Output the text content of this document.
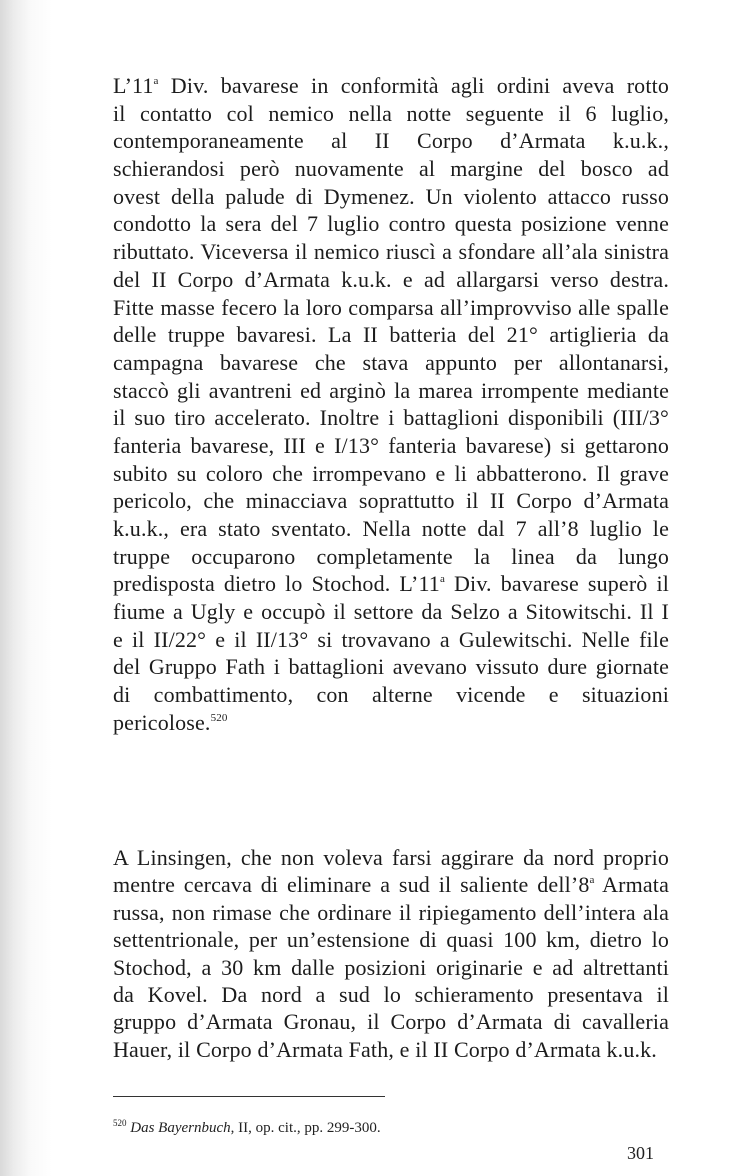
L’11$^a$ Div. bavarese in conformità agli ordini aveva rotto
il contatto col nemico nella notte seguente il 6 luglio,
contemporaneamente al II Corpo d’Armata k.u.k.,
schierandosi però nuovamente al margine del bosco ad
ovest della palude di Dymenez. Un violento attacco russo
condotto la sera del 7 luglio contro questa posizione venne
ributtato. Viceversa il nemico riuscì a sfondare all’ala sinistra
del II Corpo d’Armata k.u.k. e ad allargarsi verso destra.
Fitte masse fecero la loro comparsa all’improvviso alle spalle
delle truppe bavaresi. La II batteria del 21° artiglieria da
campagna bavarese che stava appunto per allontanarsi,
staccò gli avantreni ed arginò la marea irrompente mediante
il suo tiro accelerato. Inoltre i battaglioni disponibili (III/3°
fanteria bavarese, III e I/13° fanteria bavarese) si gettarono
subito su coloro che irrompevano e li abbatterono. Il grave
pericolo, che minacciava soprattutto il II Corpo d’Armata
k.u.k., era stato sventato. Nella notte dal 7 all’8 luglio le
truppe occuparono completamente la linea da lungo
predisposta dietro lo Stochod. L’11$^a$ Div. bavarese superò il
fiume a Ugly e occupò il settore da Selzo a Sitowitschi. Il I
e il II/22° e il II/13° si trovavano a Gulewitschi. Nelle file
del Gruppo Fath i battaglioni avevano vissuto dure giornate
di combattimento, con alterne vicende e situazioni
pericolose.$^{520}$
A Linsingen, che non voleva farsi aggirare da nord proprio
mentre cercava di eliminare a sud il saliente dell’8$^a$ Armata
russa, non rimase che ordinare il ripiegamento dell’intera ala
settentrionale, per un’estensione di quasi 100 km, dietro lo
Stochod, a 30 km dalle posizioni originarie e ad altrettanti
da Kovel. Da nord a sud lo schieramento presentava il
gruppo d’Armata Gronau, il Corpo d’Armata di cavalleria
Hauer, il Corpo d’Armata Fath, e il II Corpo d’Armata k.u.k.
$^{520}$ Das Bayernbuch, II, op. cit., pp. 299-300.
301
